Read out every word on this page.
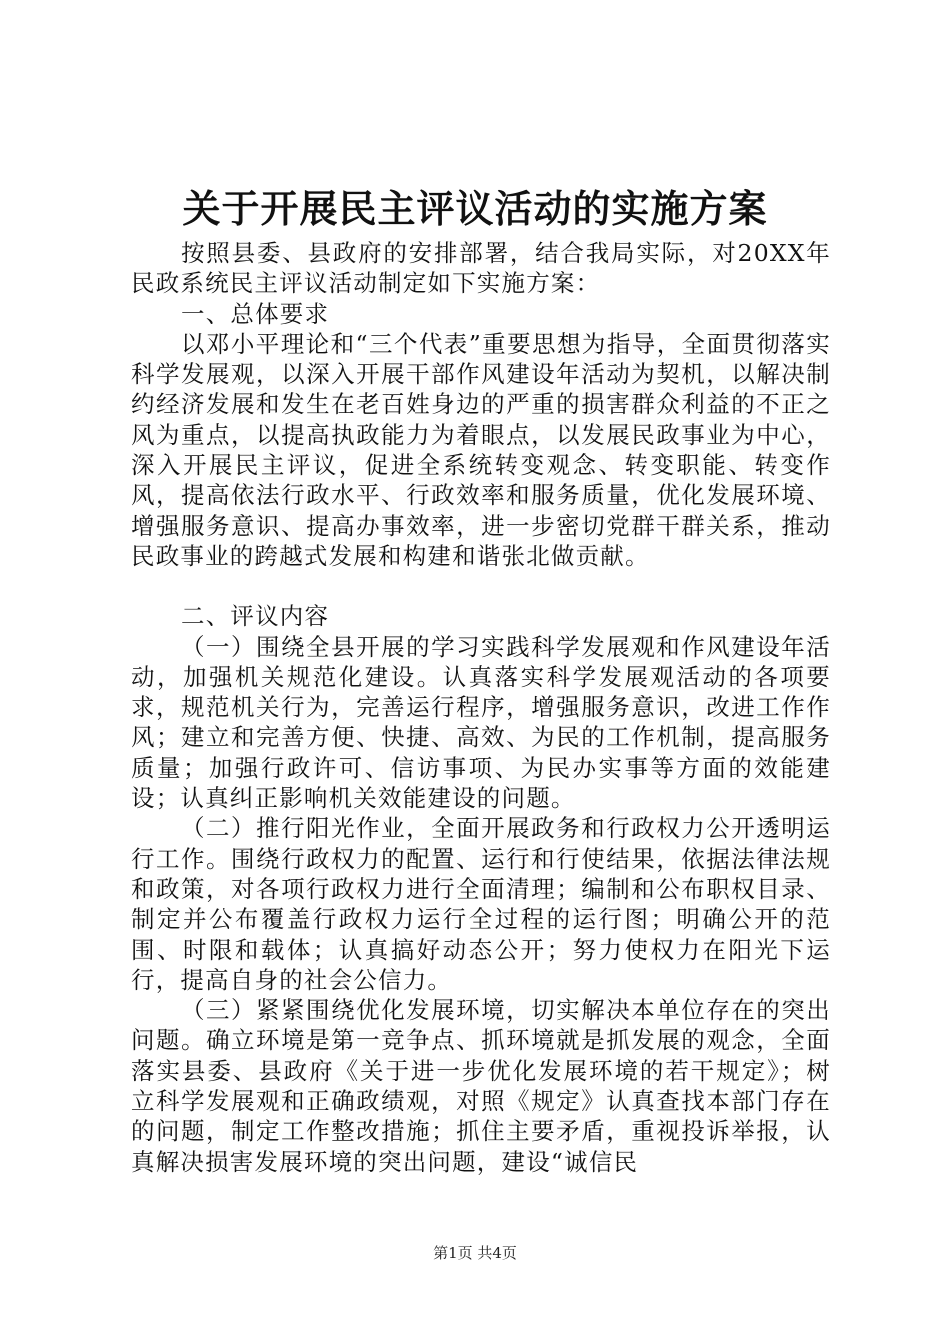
关于开展民主评议活动的实施方案

按照县委、县政府的安排部署，结合我局实际，对20XX年民政系统民主评议活动制定如下实施方案：

一、总体要求

以邓小平理论和“三个代表”重要思想为指导，全面贯彻落实科学发展观，以深入开展干部作风建设年活动为契机，以解决制约经济发展和发生在老百姓身边的严重的损害群众利益的不正之风为重点，以提高执政能力为着眼点，以发展民政事业为中心，深入开展民主评议，促进全系统转变观念、转变职能、转变作风，提高依法行政水平、行政效率和服务质量，优化发展环境、增强服务意识、提高办事效率，进一步密切党群干群关系，推动民政事业的跨越式发展和构建和谐张北做贡献。

二、评议内容

（一）围绕全县开展的学习实践科学发展观和作风建设年活动，加强机关规范化建设。认真落实科学发展观活动的各项要求，规范机关行为，完善运行程序，增强服务意识，改进工作作风；建立和完善方便、快捷、高效、为民的工作机制，提高服务质量；加强行政许可、信访事项、为民办实事等方面的效能建设；认真纠正影响机关效能建设的问题。

（二）推行阳光作业，全面开展政务和行政权力公开透明运行工作。围绕行政权力的配置、运行和行使结果，依据法律法规和政策，对各项行政权力进行全面清理；编制和公布职权目录、制定并公布覆盖行政权力运行全过程的运行图；明确公开的范围、时限和载体；认真搞好动态公开；努力使权力在阳光下运行，提高自身的社会公信力。

（三）紧紧围绕优化发展环境，切实解决本单位存在的突出问题。确立环境是第一竞争点、抓环境就是抓发展的观念，全面落实县委、县政府《关于进一步优化发展环境的若干规定》；树立科学发展观和正确政绩观，对照《规定》认真查找本部门存在的问题，制定工作整改措施；抓住主要矛盾，重视投诉举报，认真解决损害发展环境的突出问题，建设“诚信民

第1页 共4页
